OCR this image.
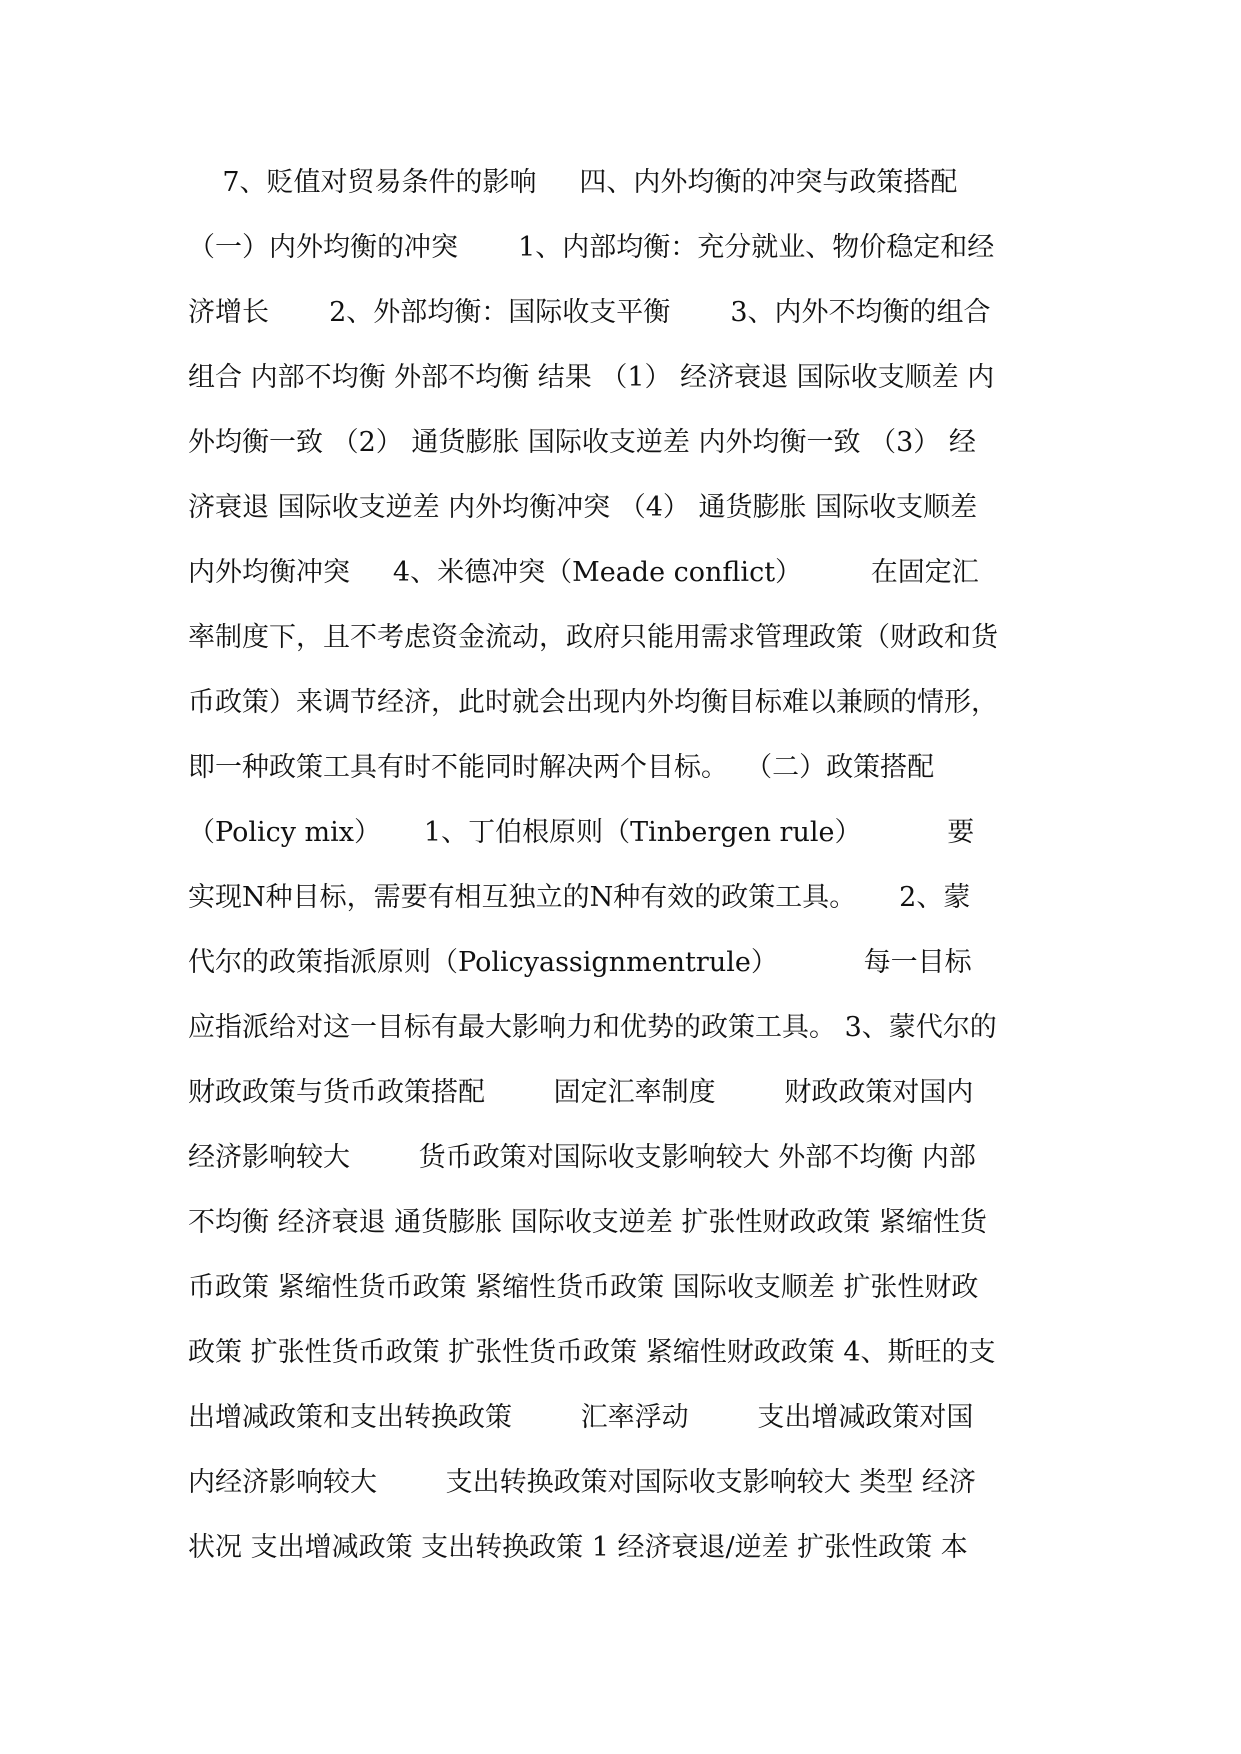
7、贬值对贸易条件的影响     四、内外均衡的冲突与政策搭配
（一）内外均衡的冲突       1、内部均衡：充分就业、物价稳定和经
济增长       2、外部均衡：国际收支平衡       3、内外不均衡的组合
组合 内部不均衡 外部不均衡 结果 （1） 经济衰退 国际收支顺差 内
外均衡一致 （2） 通货膨胀 国际收支逆差 内外均衡一致 （3） 经
济衰退 国际收支逆差 内外均衡冲突 （4） 通货膨胀 国际收支顺差
内外均衡冲突     4、米德冲突（Meade conflict）        在固定汇
率制度下，且不考虑资金流动，政府只能用需求管理政策（财政和货
币政策）来调节经济，此时就会出现内外均衡目标难以兼顾的情形，
即一种政策工具有时不能同时解决两个目标。  （二）政策搭配
（Policy mix）     1、丁伯根原则（Tinbergen rule）          要
实现N种目标，需要有相互独立的N种有效的政策工具。     2、蒙
代尔的政策指派原则（Policyassignmentrule）          每一目标
应指派给对这一目标有最大影响力和优势的政策工具。 3、蒙代尔的
财政政策与货币政策搭配        固定汇率制度        财政政策对国内
经济影响较大        货币政策对国际收支影响较大 外部不均衡 内部
不均衡 经济衰退 通货膨胀 国际收支逆差 扩张性财政政策 紧缩性货
币政策 紧缩性货币政策 紧缩性货币政策 国际收支顺差 扩张性财政
政策 扩张性货币政策 扩张性货币政策 紧缩性财政政策 4、斯旺的支
出增减政策和支出转换政策        汇率浮动        支出增减政策对国
内经济影响较大        支出转换政策对国际收支影响较大 类型 经济
状况 支出增减政策 支出转换政策 1 经济衰退/逆差 扩张性政策 本
